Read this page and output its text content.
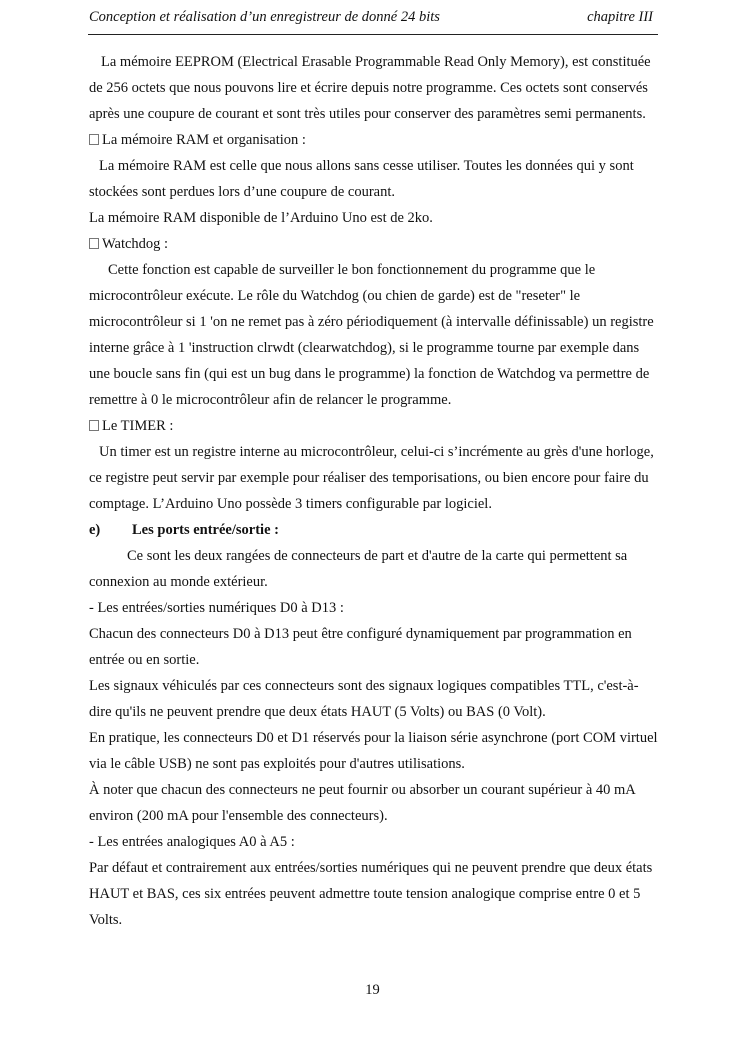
Conception et réalisation d’un enregistreur de donné 24 bits	chapitre III

La mémoire EEPROM (Electrical Erasable Programmable Read Only Memory), est constituée de 256 octets que nous pouvons lire et écrire depuis notre programme. Ces octets sont conservés après une coupure de courant et sont très utiles pour conserver des paramètres semi permanents.

La mémoire RAM et organisation :

La mémoire RAM est celle que nous allons sans cesse utiliser. Toutes les données qui y sont stockées sont perdues lors d’une coupure de courant.

La mémoire RAM disponible de l’Arduino Uno est de 2ko.

Watchdog :

Cette fonction est capable de surveiller le bon fonctionnement du programme que le microcontrôleur exécute. Le rôle du Watchdog (ou chien de garde) est de "reseter" le microcontrôleur si 1 'on ne remet pas à zéro périodiquement (à intervalle définissable) un registre interne grâce à 1 'instruction clrwdt (clearwatchdog), si le programme tourne par exemple dans une boucle sans fin (qui est un bug dans le programme) la fonction de Watchdog va permettre de remettre à 0 le microcontrôleur afin de relancer le programme.

Le TIMER :

Un timer est un registre interne au microcontrôleur, celui-ci s’incrémente au grès d'une horloge, ce registre peut servir par exemple pour réaliser des temporisations, ou bien encore pour faire du comptage. L’Arduino Uno possède 3 timers configurable par logiciel.

e) Les ports entrée/sortie :

Ce sont les deux rangées de connecteurs de part et d'autre de la carte qui permettent sa connexion au monde extérieur.

- Les entrées/sorties numériques D0 à D13 :

Chacun des connecteurs D0 à D13 peut être configuré dynamiquement par programmation en entrée ou en sortie.

Les signaux véhiculés par ces connecteurs sont des signaux logiques compatibles TTL, c'est-à-dire qu'ils ne peuvent prendre que deux états HAUT (5 Volts) ou BAS (0 Volt).

En pratique, les connecteurs D0 et D1 réservés pour la liaison série asynchrone (port COM virtuel via le câble USB) ne sont pas exploités pour d'autres utilisations.

À noter que chacun des connecteurs ne peut fournir ou absorber un courant supérieur à 40 mA environ (200 mA pour l'ensemble des connecteurs).

- Les entrées analogiques A0 à A5 :

Par défaut et contrairement aux entrées/sorties numériques qui ne peuvent prendre que deux états HAUT et BAS, ces six entrées peuvent admettre toute tension analogique comprise entre 0 et 5 Volts.

19
